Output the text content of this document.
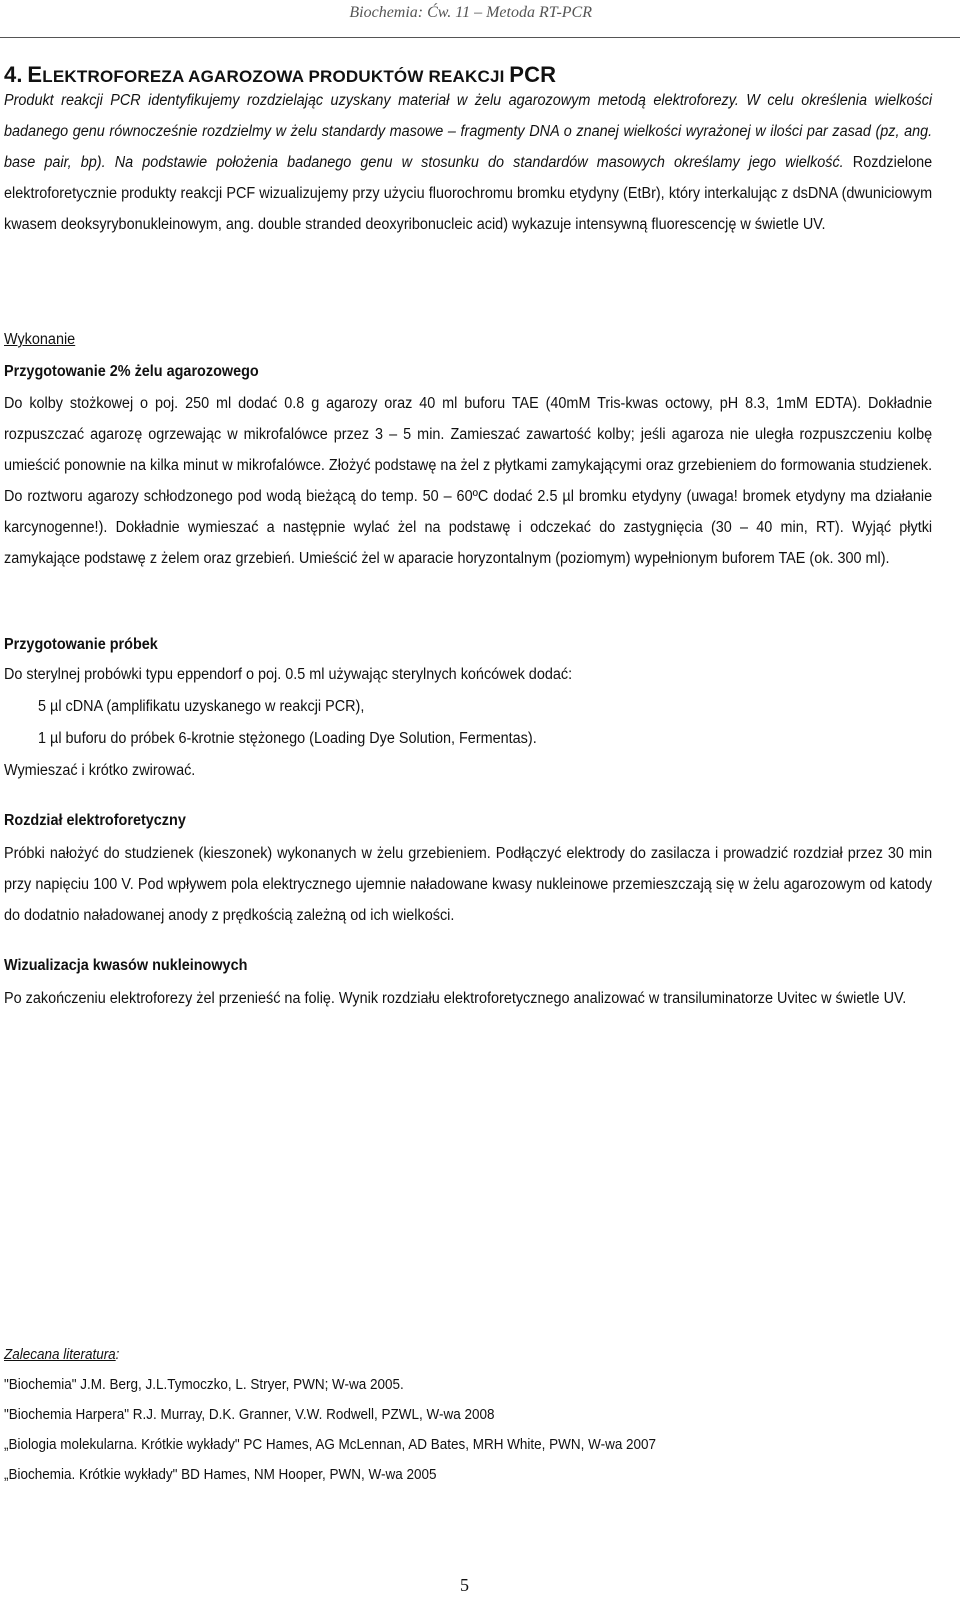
Biochemia: Ćw. 11 – Metoda RT-PCR
4. ELEKTROFOREZA AGAROZOWA PRODUKTÓW REAKCJI PCR
Produkt reakcji PCR identyfikujemy rozdzielając uzyskany materiał w żelu agarozowym metodą elektroforezy. W celu określenia wielkości badanego genu równocześnie rozdzielmy w żelu standardy masowe – fragmenty DNA o znanej wielkości wyrażonej w ilości par zasad (pz, ang. base pair, bp). Na podstawie położenia badanego genu w stosunku do standardów masowych określamy jego wielkość. Rozdzielone elektroforetycznie produkty reakcji PCF wizualizujemy przy użyciu fluorochromu bromku etydyny (EtBr), który interkalując z dsDNA (dwuniciowym kwasem deoksyrybonukleinowym, ang. double stranded deoxyribonucleic acid) wykazuje intensywną fluorescencję w świetle UV.
Wykonanie
Przygotowanie 2% żelu agarozowego
Do kolby stożkowej o poj. 250 ml dodać 0.8 g agarozy oraz 40 ml buforu TAE (40mM Tris-kwas octowy, pH 8.3, 1mM EDTA). Dokładnie rozpuszczać agarozę ogrzewając w mikrofalówce przez 3 – 5 min. Zamieszać zawartość kolby; jeśli agaroza nie uległa rozpuszczeniu kolbę umieścić ponownie na kilka minut w mikrofalówce. Złożyć podstawę na żel z płytkami zamykającymi oraz grzebieniem do formowania studzienek. Do roztworu agarozy schłodzonego pod wodą bieżącą do temp. 50 – 60ºC dodać 2.5 µl bromku etydyny (uwaga! bromek etydyny ma działanie karcynogenne!). Dokładnie wymieszać a następnie wylać żel na podstawę i odczekać do zastygnięcia (30 – 40 min, RT). Wyjąć płytki zamykające podstawę z żelem oraz grzebień. Umieścić żel w aparacie horyzontalnym (poziomym) wypełnionym buforem TAE (ok. 300 ml).
Przygotowanie próbek
Do sterylnej probówki typu eppendorf o poj. 0.5 ml używając sterylnych końcówek dodać:
5 µl cDNA (amplifikatu uzyskanego w reakcji PCR),
1 µl buforu do próbek 6-krotnie stężonego (Loading Dye Solution, Fermentas).
Wymieszać i krótko zwirować.
Rozdział elektroforetyczny
Próbki nałożyć do studzienek (kieszonek) wykonanych w żelu grzebieniem. Podłączyć elektrody do zasilacza i prowadzić rozdział przez 30 min przy napięciu 100 V. Pod wpływem pola elektrycznego ujemnie naładowane kwasy nukleinowe przemieszczają się w żelu agarozowym od katody do dodatnio naładowanej anody z prędkością zależną od ich wielkości.
Wizualizacja kwasów nukleinowych
Po zakończeniu elektroforezy żel przenieść na folię. Wynik rozdziału elektroforetycznego analizować w transiluminatorze Uvitec w świetle UV.
Zalecana literatura:
"Biochemia" J.M. Berg, J.L.Tymoczko, L. Stryer, PWN; W-wa 2005.
"Biochemia Harpera" R.J. Murray, D.K. Granner, V.W. Rodwell, PZWL, W-wa 2008
„Biologia molekularna. Krótkie wykłady" PC Hames, AG McLennan, AD Bates, MRH White, PWN, W-wa 2007
„Biochemia. Krótkie wykłady" BD Hames, NM Hooper, PWN, W-wa 2005
5
